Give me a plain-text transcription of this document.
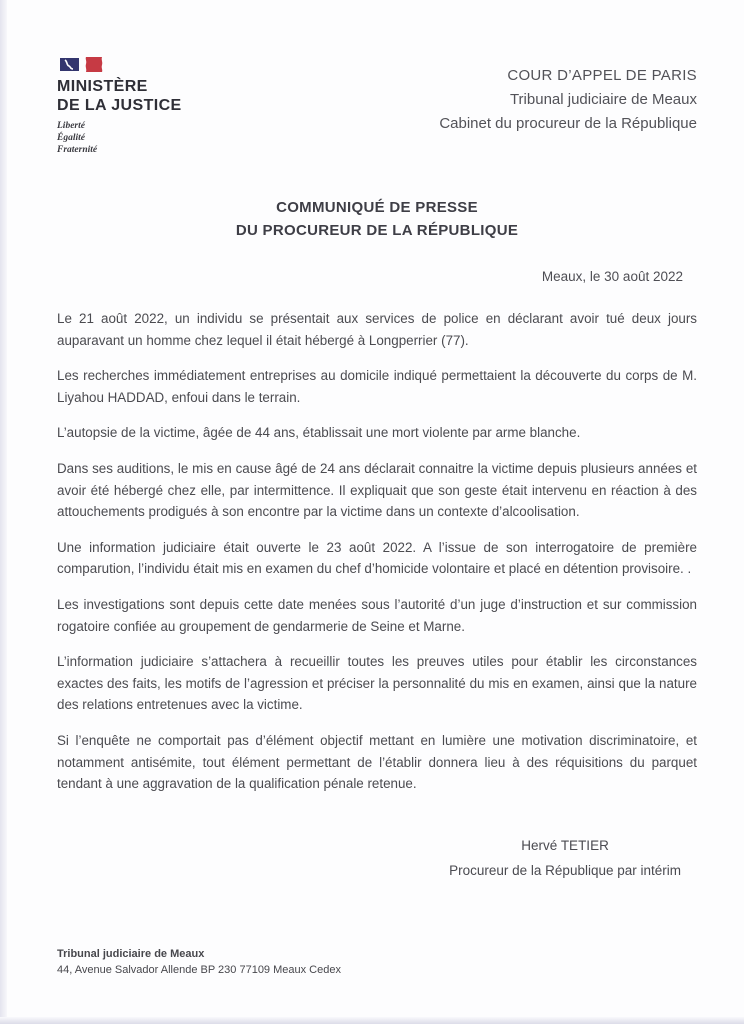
MINISTÈRE
DE LA JUSTICE
Liberté
Égalité
Fraternité
COUR D’APPEL DE PARIS
Tribunal judiciaire de Meaux
Cabinet du procureur de la République
COMMUNIQUÉ DE PRESSE
DU PROCUREUR DE LA RÉPUBLIQUE
Meaux, le 30 août 2022

Le 21 août 2022, un individu se présentait aux services de police en déclarant avoir tué deux jours auparavant un homme chez lequel il était hébergé à Longperrier (77).

Les recherches immédiatement entreprises au domicile indiqué permettaient la découverte du corps de M. Liyahou HADDAD, enfoui dans le terrain.

L’autopsie de la victime, âgée de 44 ans, établissait une mort violente par arme blanche.

Dans ses auditions, le mis en cause âgé de 24 ans déclarait connaitre la victime depuis plusieurs années et avoir été hébergé chez elle, par intermittence. Il expliquait que son geste était intervenu en réaction à des attouchements prodigués à son encontre par la victime dans un contexte d’alcoolisation.

Une information judiciaire était ouverte le 23 août 2022. A l’issue de son interrogatoire de première comparution, l’individu était mis en examen du chef d’homicide volontaire et placé en détention provisoire. .

Les investigations sont depuis cette date menées sous l’autorité d’un juge d’instruction et sur commission rogatoire confiée au groupement de gendarmerie de Seine et Marne.

L’information judiciaire s’attachera à recueillir toutes les preuves utiles pour établir les circonstances exactes des faits, les motifs de l’agression et préciser la personnalité du mis en examen, ainsi que la nature des relations entretenues avec la victime.

Si l’enquête ne comportait pas d’élément objectif mettant en lumière une motivation discriminatoire, et notamment antisémite, tout élément permettant de l’établir donnera lieu à des réquisitions du parquet tendant à une aggravation de la qualification pénale retenue.

Hervé TETIER
Procureur de la République par intérim
Tribunal judiciaire de Meaux
44, Avenue Salvador Allende BP 230 77109 Meaux Cedex
